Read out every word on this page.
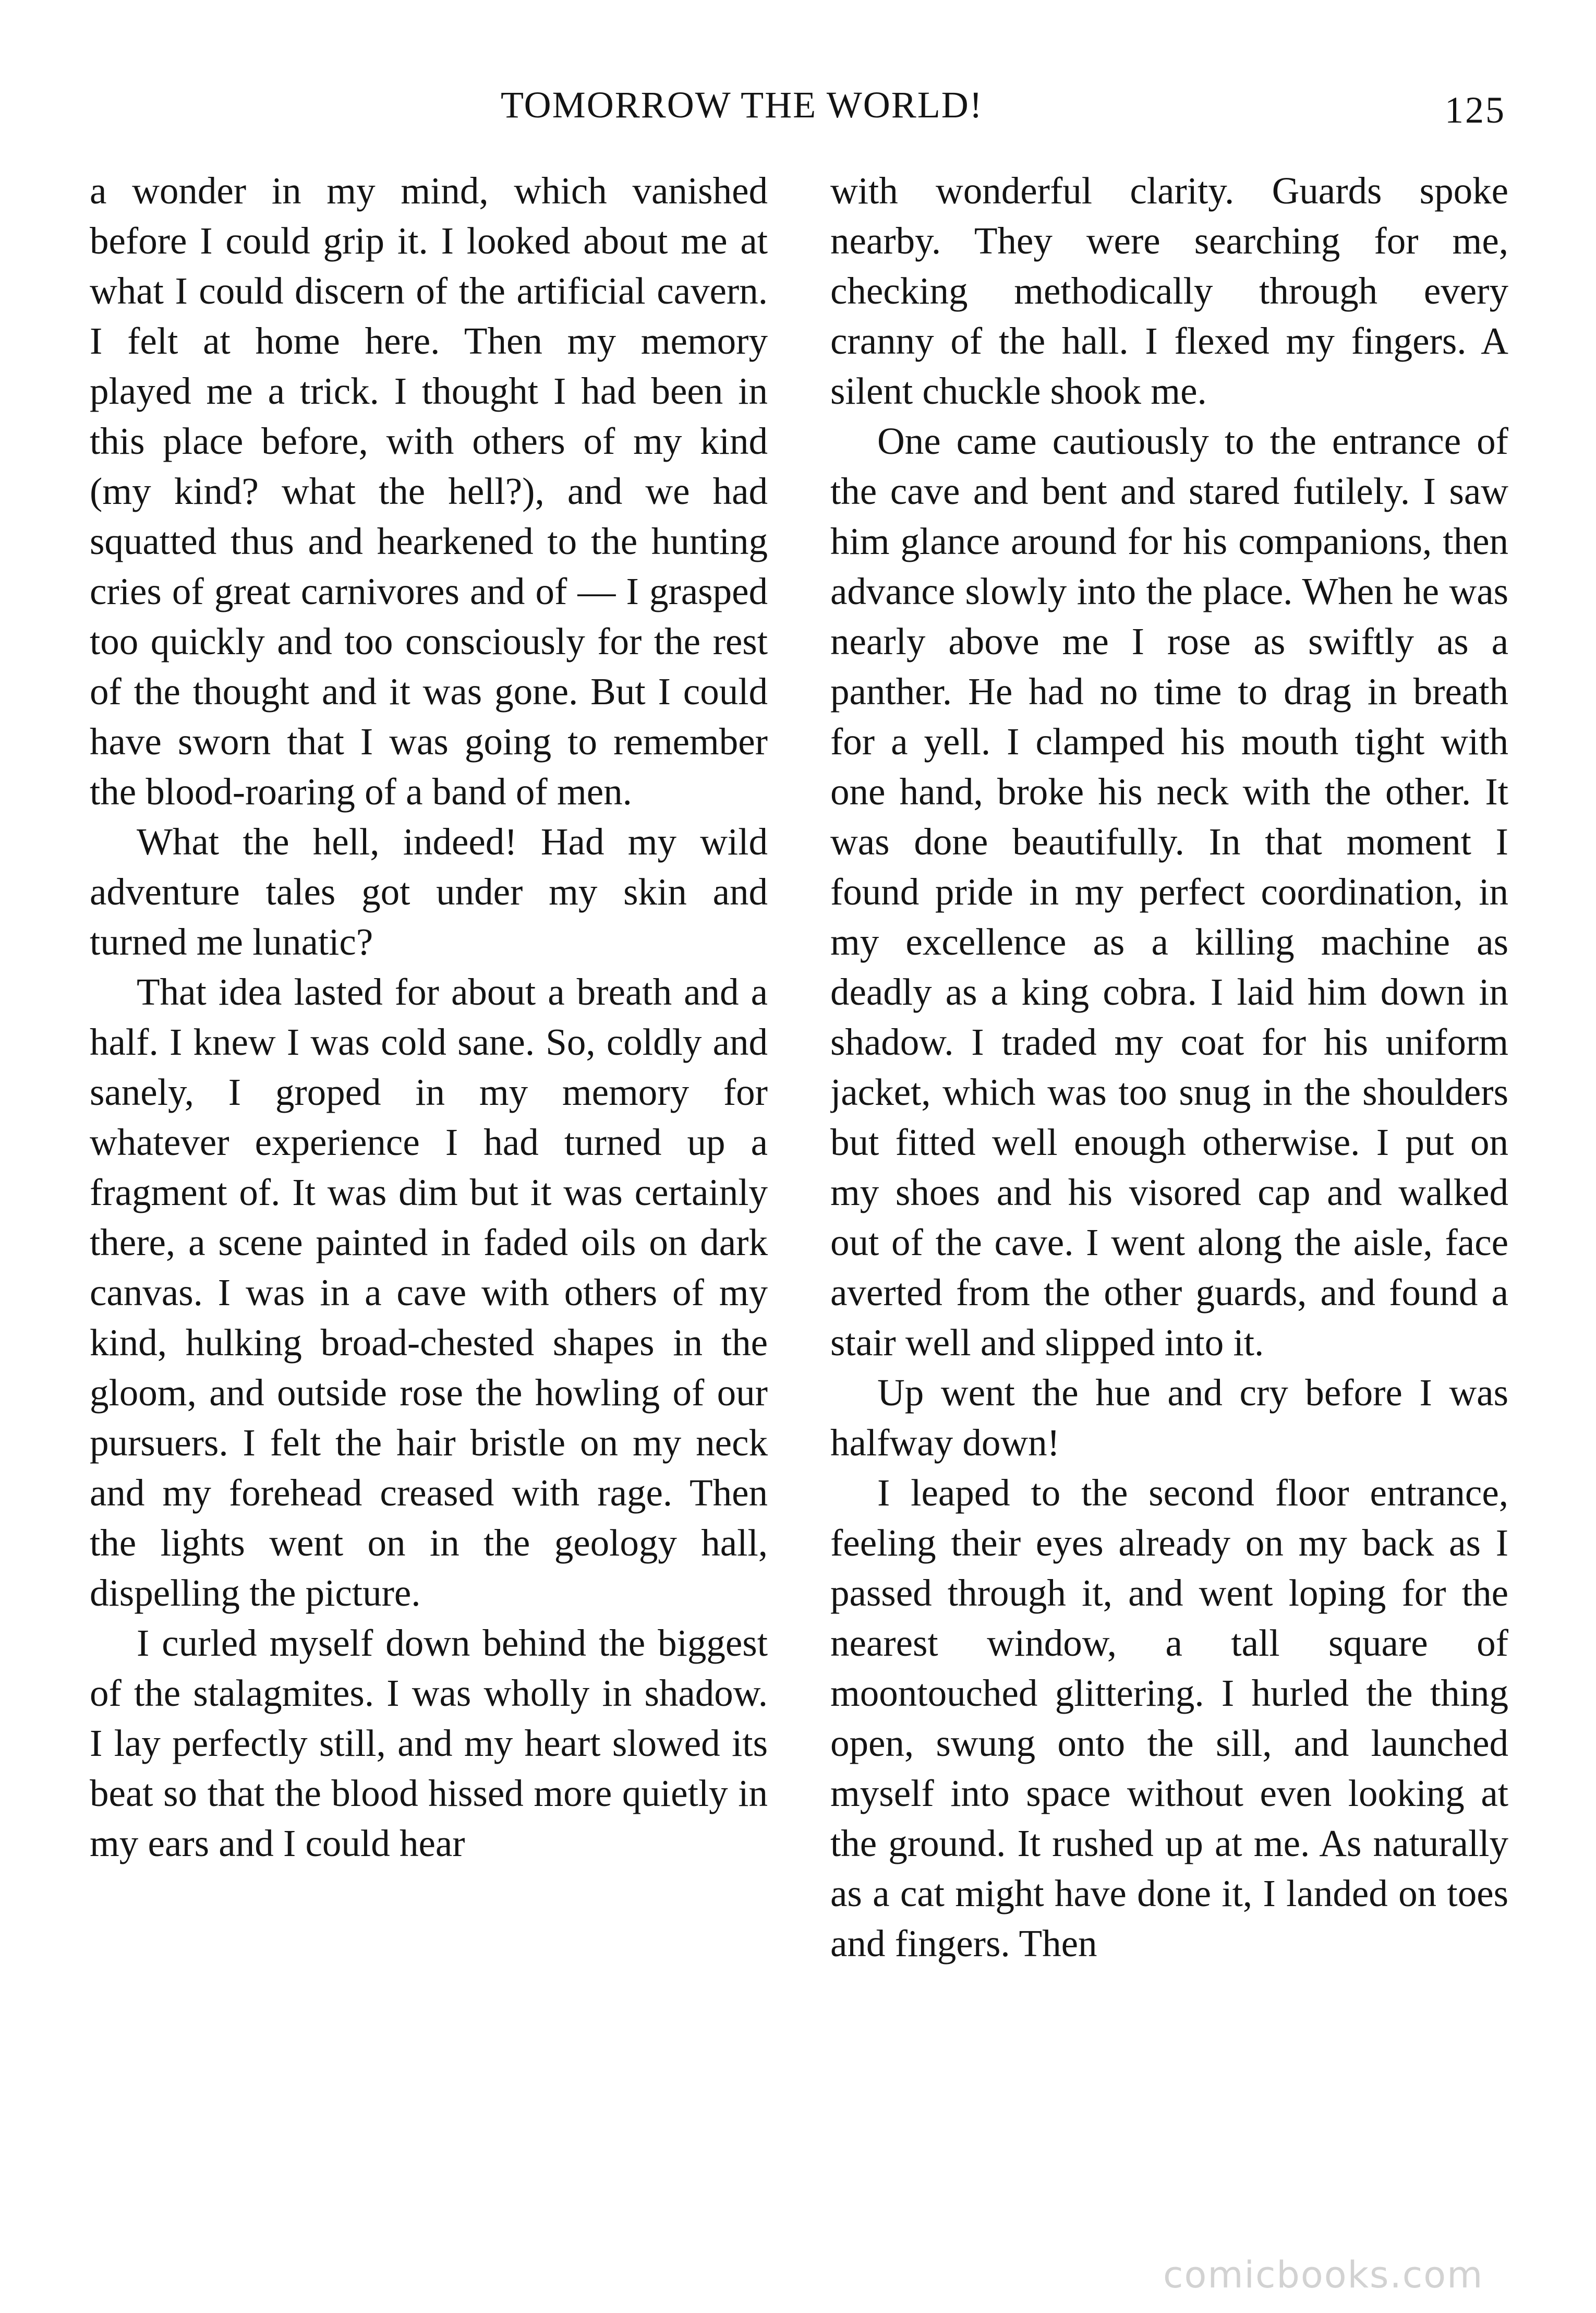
TOMORROW THE WORLD!	125

a wonder in my mind, which vanished before I could grip it. I looked about me at what I could discern of the artificial cavern. I felt at home here. Then my memory played me a trick. I thought I had been in this place before, with others of my kind (my kind? what the hell?), and we had squatted thus and hearkened to the hunting cries of great carnivores and of — I grasped too quickly and too consciously for the rest of the thought and it was gone. But I could have sworn that I was going to remember the blood-roaring of a band of men.

What the hell, indeed! Had my wild adventure tales got under my skin and turned me lunatic?

That idea lasted for about a breath and a half. I knew I was cold sane. So, coldly and sanely, I groped in my memory for whatever experience I had turned up a fragment of. It was dim but it was certainly there, a scene painted in faded oils on dark canvas. I was in a cave with others of my kind, hulking broad-chested shapes in the gloom, and outside rose the howling of our pursuers. I felt the hair bristle on my neck and my forehead creased with rage. Then the lights went on in the geology hall, dispelling the picture.

I curled myself down behind the biggest of the stalagmites. I was wholly in shadow. I lay perfectly still, and my heart slowed its beat so that the blood hissed more quietly in my ears and I could hear

with wonderful clarity. Guards spoke nearby. They were searching for me, checking methodically through every cranny of the hall. I flexed my fingers. A silent chuckle shook me.

One came cautiously to the entrance of the cave and bent and stared futilely. I saw him glance around for his companions, then advance slowly into the place. When he was nearly above me I rose as swiftly as a panther. He had no time to drag in breath for a yell. I clamped his mouth tight with one hand, broke his neck with the other. It was done beautifully. In that moment I found pride in my perfect coordination, in my excellence as a killing machine as deadly as a king cobra. I laid him down in shadow. I traded my coat for his uniform jacket, which was too snug in the shoulders but fitted well enough otherwise. I put on my shoes and his visored cap and walked out of the cave. I went along the aisle, face averted from the other guards, and found a stair well and slipped into it.

Up went the hue and cry before I was halfway down!

I leaped to the second floor entrance, feeling their eyes already on my back as I passed through it, and went loping for the nearest window, a tall square of moontouched glittering. I hurled the thing open, swung onto the sill, and launched myself into space without even looking at the ground. It rushed up at me. As naturally as a cat might have done it, I landed on toes and fingers. Then

comicbooks.com
